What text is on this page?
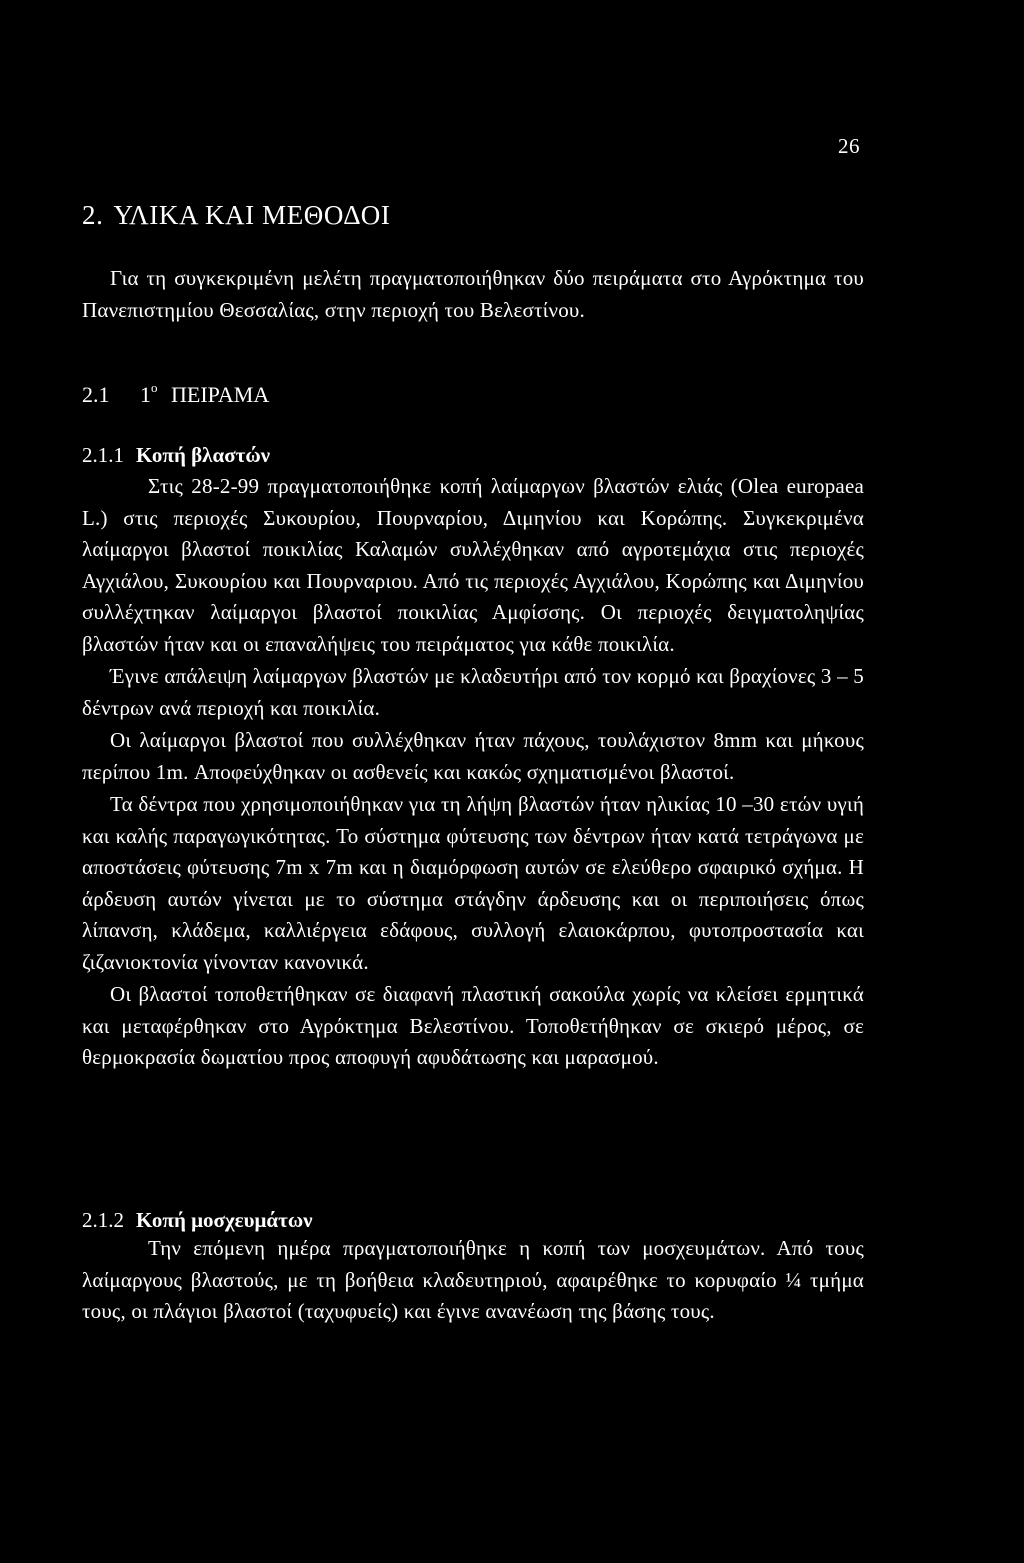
26
2. ΥΛΙΚΑ ΚΑΙ ΜΕΘΟΔΟΙ

Για τη συγκεκριμένη μελέτη πραγματοποιήθηκαν δύο πειράματα στο Αγρόκτημα του Πανεπιστημίου Θεσσαλίας, στην περιοχή του Βελεστίνου.

2.1 $1^o$ ΠΕΙΡΑΜΑ
2.1.1 Κοπή βλαστών

Στις 28-2-99 πραγματοποιήθηκε κοπή λαίμαργων βλαστών ελιάς (Olea europaea L.) στις περιοχές Συκουρίου, Πουρναρίου, Διμηνίου και Κορώπης. Συγκεκριμένα λαίμαργοι βλαστοί ποικιλίας Καλαμών συλλέχθηκαν από αγροτεμάχια στις περιοχές Αγχιάλου, Συκουρίου και Πουρναριου. Από τις περιοχές Αγχιάλου, Κορώπης και Διμηνίου συλλέχτηκαν λαίμαργοι βλαστοί ποικιλίας Αμφίσσης. Οι περιοχές δειγματοληψίας βλαστών ήταν και οι επαναλήψεις του πειράματος για κάθε ποικιλία.

Έγινε απάλειψη λαίμαργων βλαστών με κλαδευτήρι από τον κορμό και βραχίονες 3 – 5 δέντρων ανά περιοχή και ποικιλία.

Οι λαίμαργοι βλαστοί που συλλέχθηκαν ήταν πάχους, τουλάχιστον 8mm και μήκους περίπου 1m. Αποφεύχθηκαν οι ασθενείς και κακώς σχηματισμένοι βλαστοί.

Τα δέντρα που χρησιμοποιήθηκαν για τη λήψη βλαστών ήταν ηλικίας 10 –30 ετών υγιή και καλής παραγωγικότητας. Το σύστημα φύτευσης των δέντρων ήταν κατά τετράγωνα με αποστάσεις φύτευσης 7m x 7m και η διαμόρφωση αυτών σε ελεύθερο σφαιρικό σχήμα. Η άρδευση αυτών γίνεται με το σύστημα στάγδην άρδευσης και οι περιποιήσεις όπως λίπανση, κλάδεμα, καλλιέργεια εδάφους, συλλογή ελαιοκάρπου, φυτοπροστασία και ζιζανιοκτονία γίνονταν κανονικά.

Οι βλαστοί τοποθετήθηκαν σε διαφανή πλαστική σακούλα χωρίς να κλείσει ερμητικά και μεταφέρθηκαν στο Αγρόκτημα Βελεστίνου. Τοποθετήθηκαν σε σκιερό μέρος, σε θερμοκρασία δωματίου προς αποφυγή αφυδάτωσης και μαρασμού.

2.1.2 Κοπή μοσχευμάτων

Την επόμενη ημέρα πραγματοποιήθηκε η κοπή των μοσχευμάτων. Από τους λαίμαργους βλαστούς, με τη βοήθεια κλαδευτηριού, αφαιρέθηκε το κορυφαίο ¼ τμήμα τους, οι πλάγιοι βλαστοί (ταχυφυείς) και έγινε ανανέωση της βάσης τους.
